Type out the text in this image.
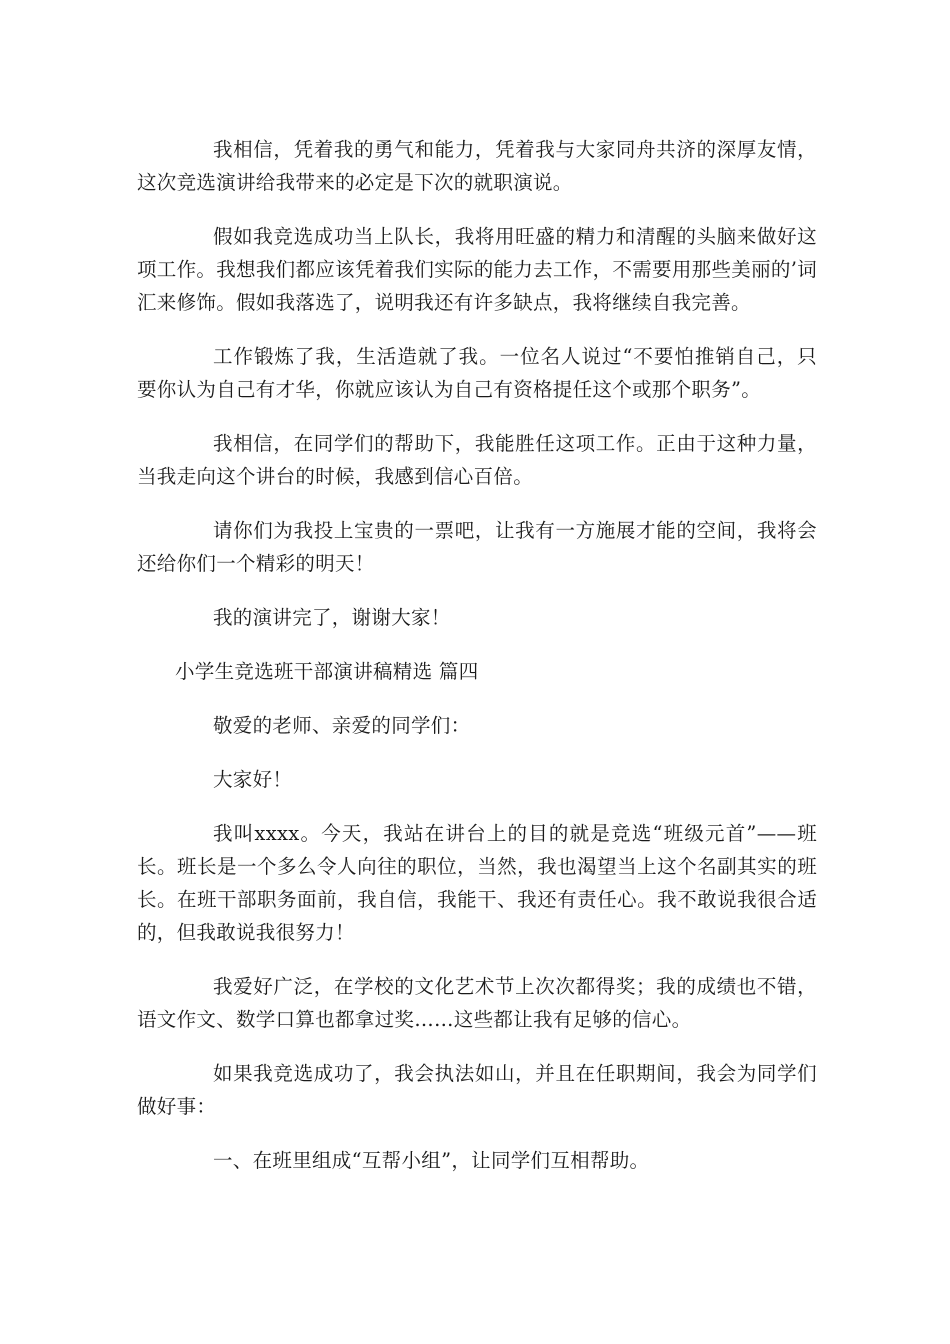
我相信，凭着我的勇气和能力，凭着我与大家同舟共济的深厚友情，这次竞选演讲给我带来的必定是下次的就职演说。

假如我竞选成功当上队长，我将用旺盛的精力和清醒的头脑来做好这项工作。我想我们都应该凭着我们实际的能力去工作，不需要用那些美丽的’词汇来修饰。假如我落选了，说明我还有许多缺点，我将继续自我完善。

工作锻炼了我，生活造就了我。一位名人说过“不要怕推销自己，只要你认为自己有才华，你就应该认为自己有资格提任这个或那个职务”。

我相信，在同学们的帮助下，我能胜任这项工作。正由于这种力量，当我走向这个讲台的时候，我感到信心百倍。

请你们为我投上宝贵的一票吧，让我有一方施展才能的空间，我将会还给你们一个精彩的明天！

我的演讲完了，谢谢大家！

小学生竞选班干部演讲稿精选 篇四

敬爱的老师、亲爱的同学们：

大家好！

我叫xxxx。今天，我站在讲台上的目的就是竞选“班级元首”——班长。班长是一个多么令人向往的职位，当然，我也渴望当上这个名副其实的班长。在班干部职务面前，我自信，我能干、我还有责任心。我不敢说我很合适的，但我敢说我很努力！

我爱好广泛，在学校的文化艺术节上次次都得奖；我的成绩也不错，语文作文、数学口算也都拿过奖……这些都让我有足够的信心。

如果我竞选成功了，我会执法如山，并且在任职期间，我会为同学们做好事：

一、在班里组成“互帮小组”，让同学们互相帮助。
